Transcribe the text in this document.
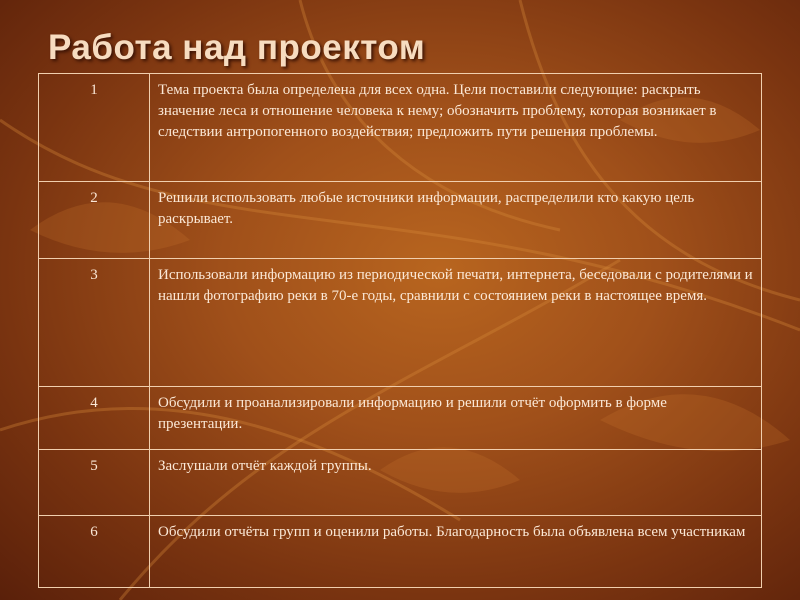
Работа над проектом
1	Тема проекта была определена для всех одна. Цели поставили следующие: раскрыть значение леса и отношение человека к нему; обозначить проблему, которая возникает в следствии антропогенного воздействия; предложить пути решения проблемы.
2	Решили использовать любые источники информации, распределили кто какую цель раскрывает.
3	Использовали информацию из периодической печати, интернета, беседовали с родителями и нашли фотографию реки в 70-е годы, сравнили с состоянием реки в настоящее время.
4	Обсудили и проанализировали информацию и решили отчёт оформить в форме презентации.
5	Заслушали отчёт каждой группы.
6	Обсудили отчёты групп и оценили работы. Благодарность была объявлена всем участникам
